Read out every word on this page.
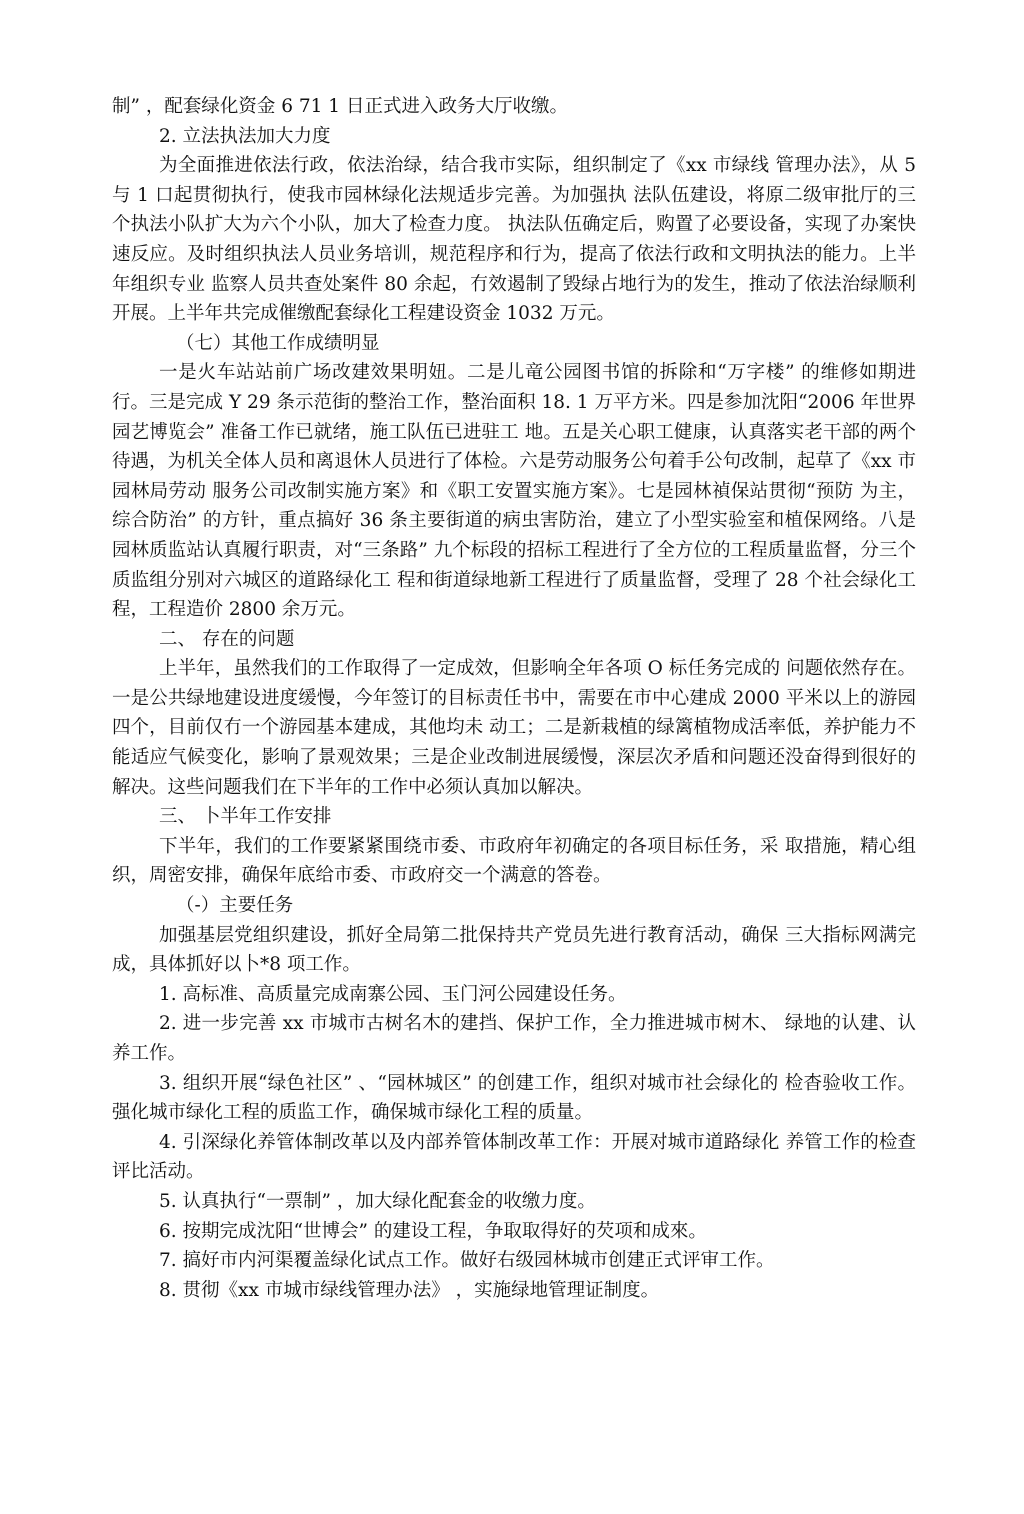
制” ，配套绿化资金 6 71 1 日正式进入政务大厅收缴。

2. 立法执法加大力度

为全面推进依法行政，依法治绿，结合我市实际，组织制定了《xx 市绿线 管理办法》，从 5 与 1 口起贯彻执行，使我市园林绿化法规适步完善。为加强执 法队伍建设，将原二级审批厅的三个执法小队扩大为六个小队，加大了检查力度。 执法队伍确定后，购置了必要设备，实现了办案快速反应。及时组织执法人员业务培训，规范程序和行为，提高了依法行政和文明执法的能力。上半年组织专业 监察人员共查处案件 80 余起，冇效遏制了毁绿占地行为的发生，推动了依法治绿顺利开展。上半年共完成催缴配套绿化工程建设资金 1032 万元。

（七）其他工作成绩明显

一是火车站站前广场改建效果明妞。二是儿竜公园图书馆的拆除和“万字楼” 的维修如期进行。三是完成 Y 29 条示范街的整治工作，整治面积 18. 1 万平方米。四是参加沈阳“2006 年世界园艺博览会” 准备工作已就绪，施工队伍已进驻工 地。五是关心职工健康，认真落实老干部的两个待遇，为机关全体人员和离退休人员进行了体检。六是劳动服务公句着手公句改制，起草了《xx 市园林局劳动 服务公司改制实施方案》和《职工安置实施方案》。七是园林禎保站贯彻“预防 为主，综合防治” 的方针，重点搞好 36 条主要街道的病虫害防治，建立了小型实验室和植保网络。八是园林质监站认真履行职责，对“三条路” 九个标段的招标工程进行了全方位的工程质量监督，分三个质监组分别对六城区的道路绿化工 程和街道绿地新工程进行了质量监督，受理了 28 个社会绿化工程，工程造价 2800 余万元。

二、 存在的问题

上半年，虽然我们的工作取得了一定成效，但影响全年各项 O 标任务完成的 问题依然存在。一是公共绿地建设进度缓慢，今年签订的目标责任书中，需要在市中心建成 2000 平米以上的游园四个，目前仅冇一个游园基本建成，其他均未 动工；二是新栽植的绿篱植物成活率低，养护能力不能适应气候变化，影响了景观效果；三是企业改制进展缓慢，深层次矛盾和问题还没奋得到很好的解决。这些问题我们在下半年的工作中必须认真加以解决。

三、 卜半年工作安排

下半年，我们的工作要紧紧围绕市委、市政府年初确定的各项目标任务，采 取措施，精心组织，周密安排，确保年底给市委、市政府交一个满意的答卷。

（-）主要任务

加强基层党组织建设，抓好全局第二批保持共产党员先进行教育活动，确保 三大指标网满完成，具体抓好以卜*8 项工作。

1. 高标准、高质量完成南寨公园、玉门河公园建设任务。

2. 进一步完善 xx 市城市古树名木的建挡、保护工作，全力推进城市树木、 绿地的认建、认养工作。

3. 组织开展“绿色社区” 、“园林城区” 的创建工作，组织对城市社会绿化的 检杳验收工作。强化城市绿化工程的质监工作，确保城市绿化工程的质量。

4. 引深绿化养管体制改革以及内部养管体制改革工作：开展对城市道路绿化 养管工作的检查评比活动。

5. 认真执行“一票制” ，加大绿化配套金的收缴力度。

6. 按期完成沈阳“世博会” 的建设工程，争取取得好的芡项和成來。

7. 搞好市内河渠覆盖绿化试点工作。做好右级园林城市创建正式评审工作。

8. 贯彻《xx 市城市绿线管理办法》 ，实施绿地管理证制度。
